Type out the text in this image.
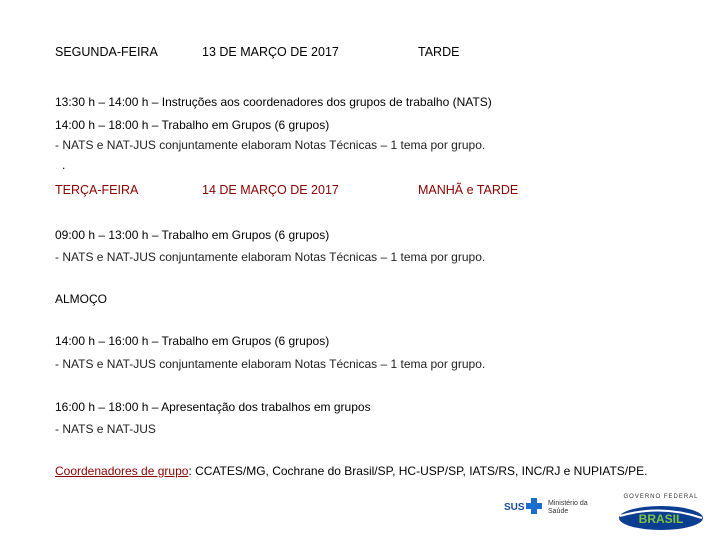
SEGUNDA-FEIRA	13 DE MARÇO DE 2017	TARDE
13:30 h – 14:00 h – Instruções aos coordenadores dos grupos de trabalho (NATS)
14:00 h – 18:00 h – Trabalho em Grupos (6 grupos)
- NATS e NAT-JUS conjuntamente elaboram Notas Técnicas – 1 tema por grupo.
.
TERÇA-FEIRA	14 DE MARÇO DE 2017	MANHÃ e TARDE
09:00 h – 13:00 h – Trabalho em Grupos (6 grupos)
- NATS e NAT-JUS conjuntamente elaboram Notas Técnicas – 1 tema por grupo.
ALMOÇO
14:00 h – 16:00 h – Trabalho em Grupos (6 grupos)
- NATS e NAT-JUS conjuntamente elaboram Notas Técnicas – 1 tema por grupo.
16:00 h – 18:00 h – Apresentação dos trabalhos em grupos
- NATS e NAT-JUS
Coordenadores de grupo: CCATES/MG, Cochrane do Brasil/SP, HC-USP/SP, IATS/RS, INC/RJ e NUPIATS/PE.
SUS	Ministério da
Saúde
GOVERNO FEDERAL
BRASIL
